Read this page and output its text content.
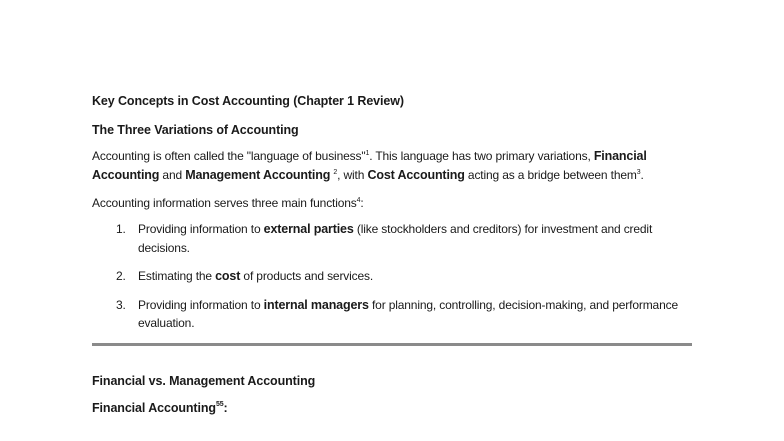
Key Concepts in Cost Accounting (Chapter 1 Review)
The Three Variations of Accounting

Accounting is often called the "language of business"$^1$. This language has two primary variations, Financial Accounting and Management Accounting $^2$, with Cost Accounting acting as a bridge between them$^3$.

Accounting information serves three main functions$^4$:

1. Providing information to external parties (like stockholders and creditors) for investment and credit decisions.
2. Estimating the cost of products and services.
3. Providing information to internal managers for planning, controlling, decision-making, and performance evaluation.
Financial vs. Management Accounting
Financial Accounting$^{55}$:
